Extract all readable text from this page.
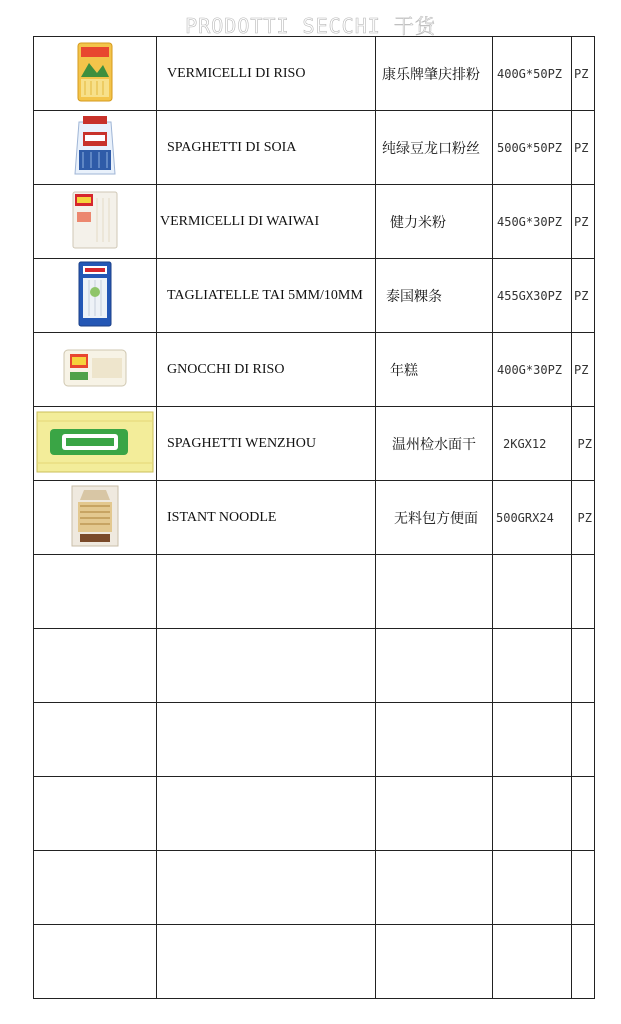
PRODOTTI SECCHI 干货
	VERMICELLI DI RISO	康乐牌肇庆排粉	400G*50PZ	PZ
	SPAGHETTI DI SOIA	纯绿豆龙口粉丝	500G*50PZ	PZ
	VERMICELLI DI WAIWAI	健力米粉	450G*30PZ	PZ
	TAGLIATELLE TAI 5MM/10MM	泰国粿条	455GX30PZ	PZ
	GNOCCHI DI RISO	年糕	400G*30PZ	PZ
	SPAGHETTI WENZHOU	温州检水面干	2KGX12	PZ
	ISTANT NOODLE	无料包方便面	500GRX24	PZ
